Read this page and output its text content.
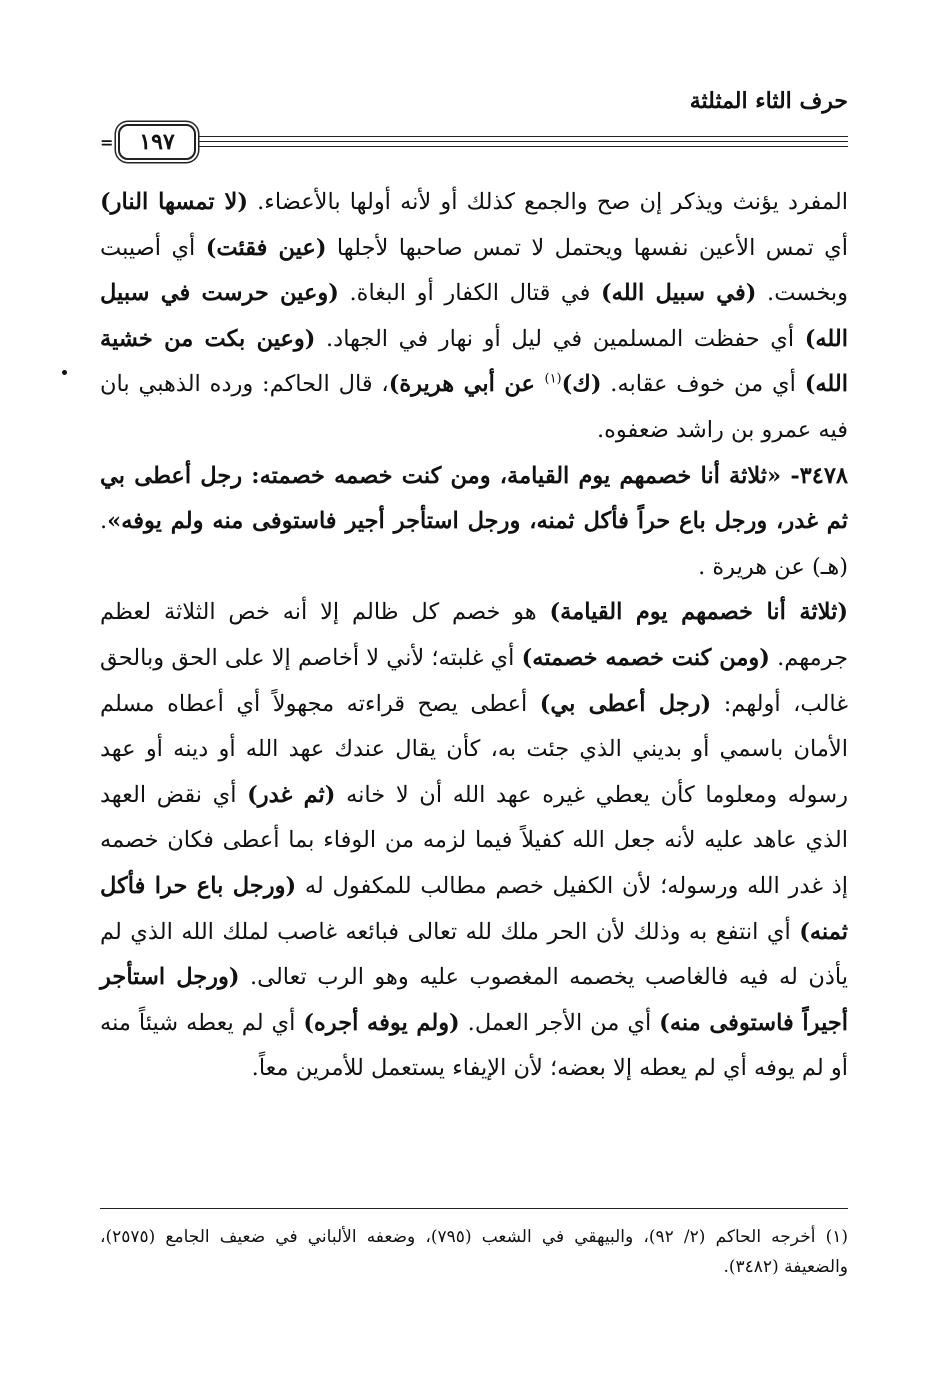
حرف الثاء المثلثة
١٩٧
=

المفرد يؤنث ويذكر إن صح والجمع كذلك أو لأنه أولها بالأعضاء. (لا تمسها النار) أي تمس الأعين نفسها ويحتمل لا تمس صاحبها لأجلها (عين فقئت) أي أصيبت وبخست. (في سبيل الله) في قتال الكفار أو البغاة. (وعين حرست في سبيل الله) أي حفظت المسلمين في ليل أو نهار في الجهاد. (وعين بكت من خشية الله) أي من خوف عقابه. (ك)$^{(١)}$ عن أبي هريرة)، قال الحاكم: ورده الذهبي بان فيه عمرو بن راشد ضعفوه.

٣٤٧٨- «ثلاثة أنا خصمهم يوم القيامة، ومن كنت خصمه خصمته: رجل أعطى بي ثم غدر، ورجل باع حراً فأكل ثمنه، ورجل استأجر أجير فاستوفى منه ولم يوفه». (هـ) عن هريرة .

(ثلاثة أنا خصمهم يوم القيامة) هو خصم كل ظالم إلا أنه خص الثلاثة لعظم جرمهم. (ومن كنت خصمه خصمته) أي غلبته؛ لأني لا أخاصم إلا على الحق وبالحق غالب، أولهم: (رجل أعطى بي) أعطى يصح قراءته مجهولاً أي أعطاه مسلم الأمان باسمي أو بديني الذي جئت به، كأن يقال عندك عهد الله أو دينه أو عهد رسوله ومعلوما كأن يعطي غيره عهد الله أن لا خانه (ثم غدر) أي نقض العهد الذي عاهد عليه لأنه جعل الله كفيلاً فيما لزمه من الوفاء بما أعطى فكان خصمه إذ غدر الله ورسوله؛ لأن الكفيل خصم مطالب للمكفول له (ورجل باع حرا فأكل ثمنه) أي انتفع به وذلك لأن الحر ملك لله تعالى فبائعه غاصب لملك الله الذي لم يأذن له فيه فالغاصب يخصمه المغصوب عليه وهو الرب تعالى. (ورجل استأجر أجيراً فاستوفى منه) أي من الأجر العمل. (ولم يوفه أجره) أي لم يعطه شيئاً منه أو لم يوفه أي لم يعطه إلا بعضه؛ لأن الإيفاء يستعمل للأمرين معاً.

(١) أخرجه الحاكم (٢/ ٩٢)، والبيهقي في الشعب (٧٩٥)، وضعفه الألباني في ضعيف الجامع (٢٥٧٥)، والضعيفة (٣٤٨٢).
